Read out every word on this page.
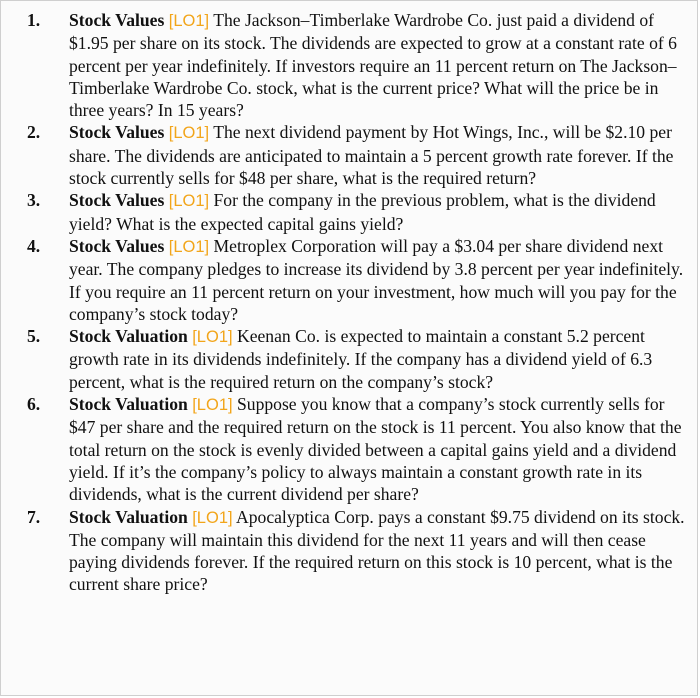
1. Stock Values [LO1] The Jackson–Timberlake Wardrobe Co. just paid a dividend of $1.95 per share on its stock. The dividends are expected to grow at a constant rate of 6 percent per year indefinitely. If investors require an 11 percent return on The Jackson–Timberlake Wardrobe Co. stock, what is the current price? What will the price be in three years? In 15 years?
2. Stock Values [LO1] The next dividend payment by Hot Wings, Inc., will be $2.10 per share. The dividends are anticipated to maintain a 5 percent growth rate forever. If the stock currently sells for $48 per share, what is the required return?
3. Stock Values [LO1] For the company in the previous problem, what is the dividend yield? What is the expected capital gains yield?
4. Stock Values [LO1] Metroplex Corporation will pay a $3.04 per share dividend next year. The company pledges to increase its dividend by 3.8 percent per year indefinitely. If you require an 11 percent return on your investment, how much will you pay for the company’s stock today?
5. Stock Valuation [LO1] Keenan Co. is expected to maintain a constant 5.2 percent growth rate in its dividends indefinitely. If the company has a dividend yield of 6.3 percent, what is the required return on the company’s stock?
6. Stock Valuation [LO1] Suppose you know that a company’s stock currently sells for $47 per share and the required return on the stock is 11 percent. You also know that the total return on the stock is evenly divided between a capital gains yield and a dividend yield. If it’s the company’s policy to always maintain a constant growth rate in its dividends, what is the current dividend per share?
7. Stock Valuation [LO1] Apocalyptica Corp. pays a constant $9.75 dividend on its stock. The company will maintain this dividend for the next 11 years and will then cease paying dividends forever. If the required return on this stock is 10 percent, what is the current share price?
